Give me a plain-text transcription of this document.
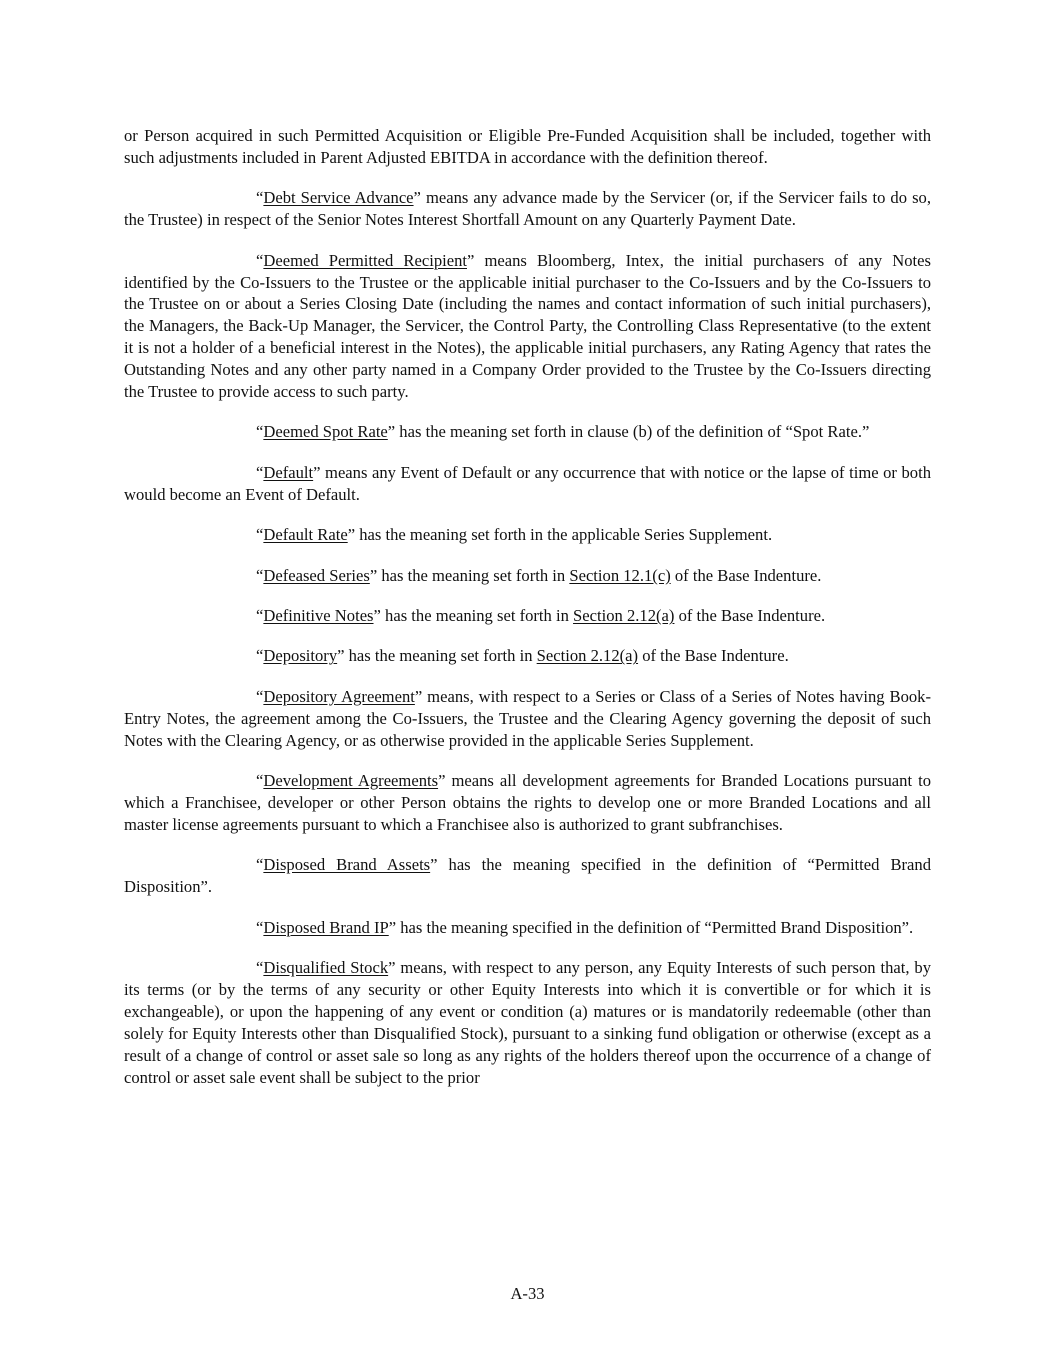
or Person acquired in such Permitted Acquisition or Eligible Pre-Funded Acquisition shall be included, together with such adjustments included in Parent Adjusted EBITDA in accordance with the definition thereof.

“Debt Service Advance” means any advance made by the Servicer (or, if the Servicer fails to do so, the Trustee) in respect of the Senior Notes Interest Shortfall Amount on any Quarterly Payment Date.

“Deemed Permitted Recipient” means Bloomberg, Intex, the initial purchasers of any Notes identified by the Co-Issuers to the Trustee or the applicable initial purchaser to the Co-Issuers and by the Co-Issuers to the Trustee on or about a Series Closing Date (including the names and contact information of such initial purchasers), the Managers, the Back-Up Manager, the Servicer, the Control Party, the Controlling Class Representative (to the extent it is not a holder of a beneficial interest in the Notes), the applicable initial purchasers, any Rating Agency that rates the Outstanding Notes and any other party named in a Company Order provided to the Trustee by the Co-Issuers directing the Trustee to provide access to such party.

“Deemed Spot Rate” has the meaning set forth in clause (b) of the definition of “Spot Rate.”

“Default” means any Event of Default or any occurrence that with notice or the lapse of time or both would become an Event of Default.

“Default Rate” has the meaning set forth in the applicable Series Supplement.

“Defeased Series” has the meaning set forth in Section 12.1(c) of the Base Indenture.

“Definitive Notes” has the meaning set forth in Section 2.12(a) of the Base Indenture.

“Depository” has the meaning set forth in Section 2.12(a) of the Base Indenture.

“Depository Agreement” means, with respect to a Series or Class of a Series of Notes having Book-Entry Notes, the agreement among the Co-Issuers, the Trustee and the Clearing Agency governing the deposit of such Notes with the Clearing Agency, or as otherwise provided in the applicable Series Supplement.

“Development Agreements” means all development agreements for Branded Locations pursuant to which a Franchisee, developer or other Person obtains the rights to develop one or more Branded Locations and all master license agreements pursuant to which a Franchisee also is authorized to grant subfranchises.

“Disposed Brand Assets” has the meaning specified in the definition of “Permitted Brand Disposition”.

“Disposed Brand IP” has the meaning specified in the definition of “Permitted Brand Disposition”.

“Disqualified Stock” means, with respect to any person, any Equity Interests of such person that, by its terms (or by the terms of any security or other Equity Interests into which it is convertible or for which it is exchangeable), or upon the happening of any event or condition (a) matures or is mandatorily redeemable (other than solely for Equity Interests other than Disqualified Stock), pursuant to a sinking fund obligation or otherwise (except as a result of a change of control or asset sale so long as any rights of the holders thereof upon the occurrence of a change of control or asset sale event shall be subject to the prior

A-33
